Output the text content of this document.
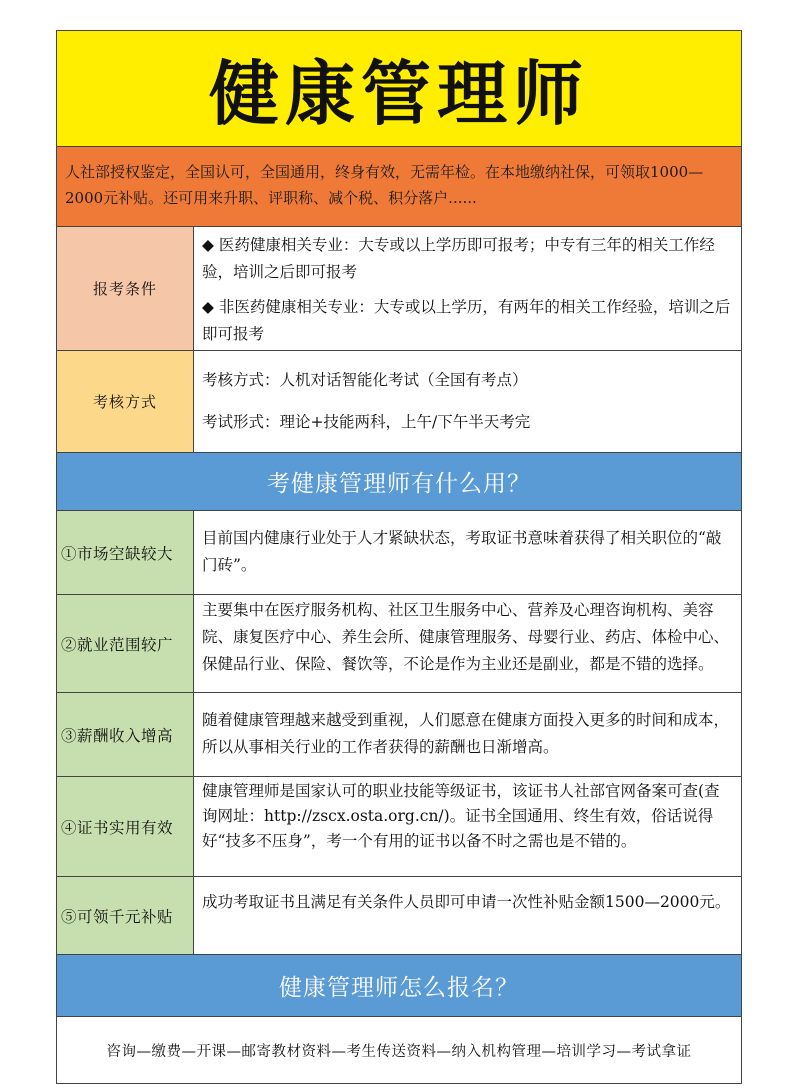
健康管理师
人社部授权鉴定，全国认可，全国通用，终身有效，无需年检。在本地缴纳社保，可领取1000—2000元补贴。还可用来升职、评职称、减个税、积分落户......
报考条件

◆ 医药健康相关专业：大专或以上学历即可报考；中专有三年的相关工作经验，培训之后即可报考

◆ 非医药健康相关专业：大专或以上学历，有两年的相关工作经验，培训之后即可报考

考核方式

考核方式：人机对话智能化考试（全国有考点）

考试形式：理论+技能两科，上午/下午半天考完

考健康管理师有什么用？
①市场空缺较大
目前国内健康行业处于人才紧缺状态，考取证书意味着获得了相关职位的“敲门砖”。
②就业范围较广
主要集中在医疗服务机构、社区卫生服务中心、营养及心理咨询机构、美容院、康复医疗中心、养生会所、健康管理服务、母婴行业、药店、体检中心、保健品行业、保险、餐饮等，不论是作为主业还是副业，都是不错的选择。
③薪酬收入增高
随着健康管理越来越受到重视，人们愿意在健康方面投入更多的时间和成本，所以从事相关行业的工作者获得的薪酬也日渐增高。
④证书实用有效
健康管理师是国家认可的职业技能等级证书，该证书人社部官网备案可查(查询网址：http://zscx.osta.org.cn/)。证书全国通用、终生有效，俗话说得好“技多不压身”，考一个有用的证书以备不时之需也是不错的。
⑤可领千元补贴
成功考取证书且满足有关条件人员即可申请一次性补贴金额1500—2000元。
健康管理师怎么报名？
咨询—缴费—开课—邮寄教材资料—考生传送资料—纳入机构管理—培训学习—考试拿证
